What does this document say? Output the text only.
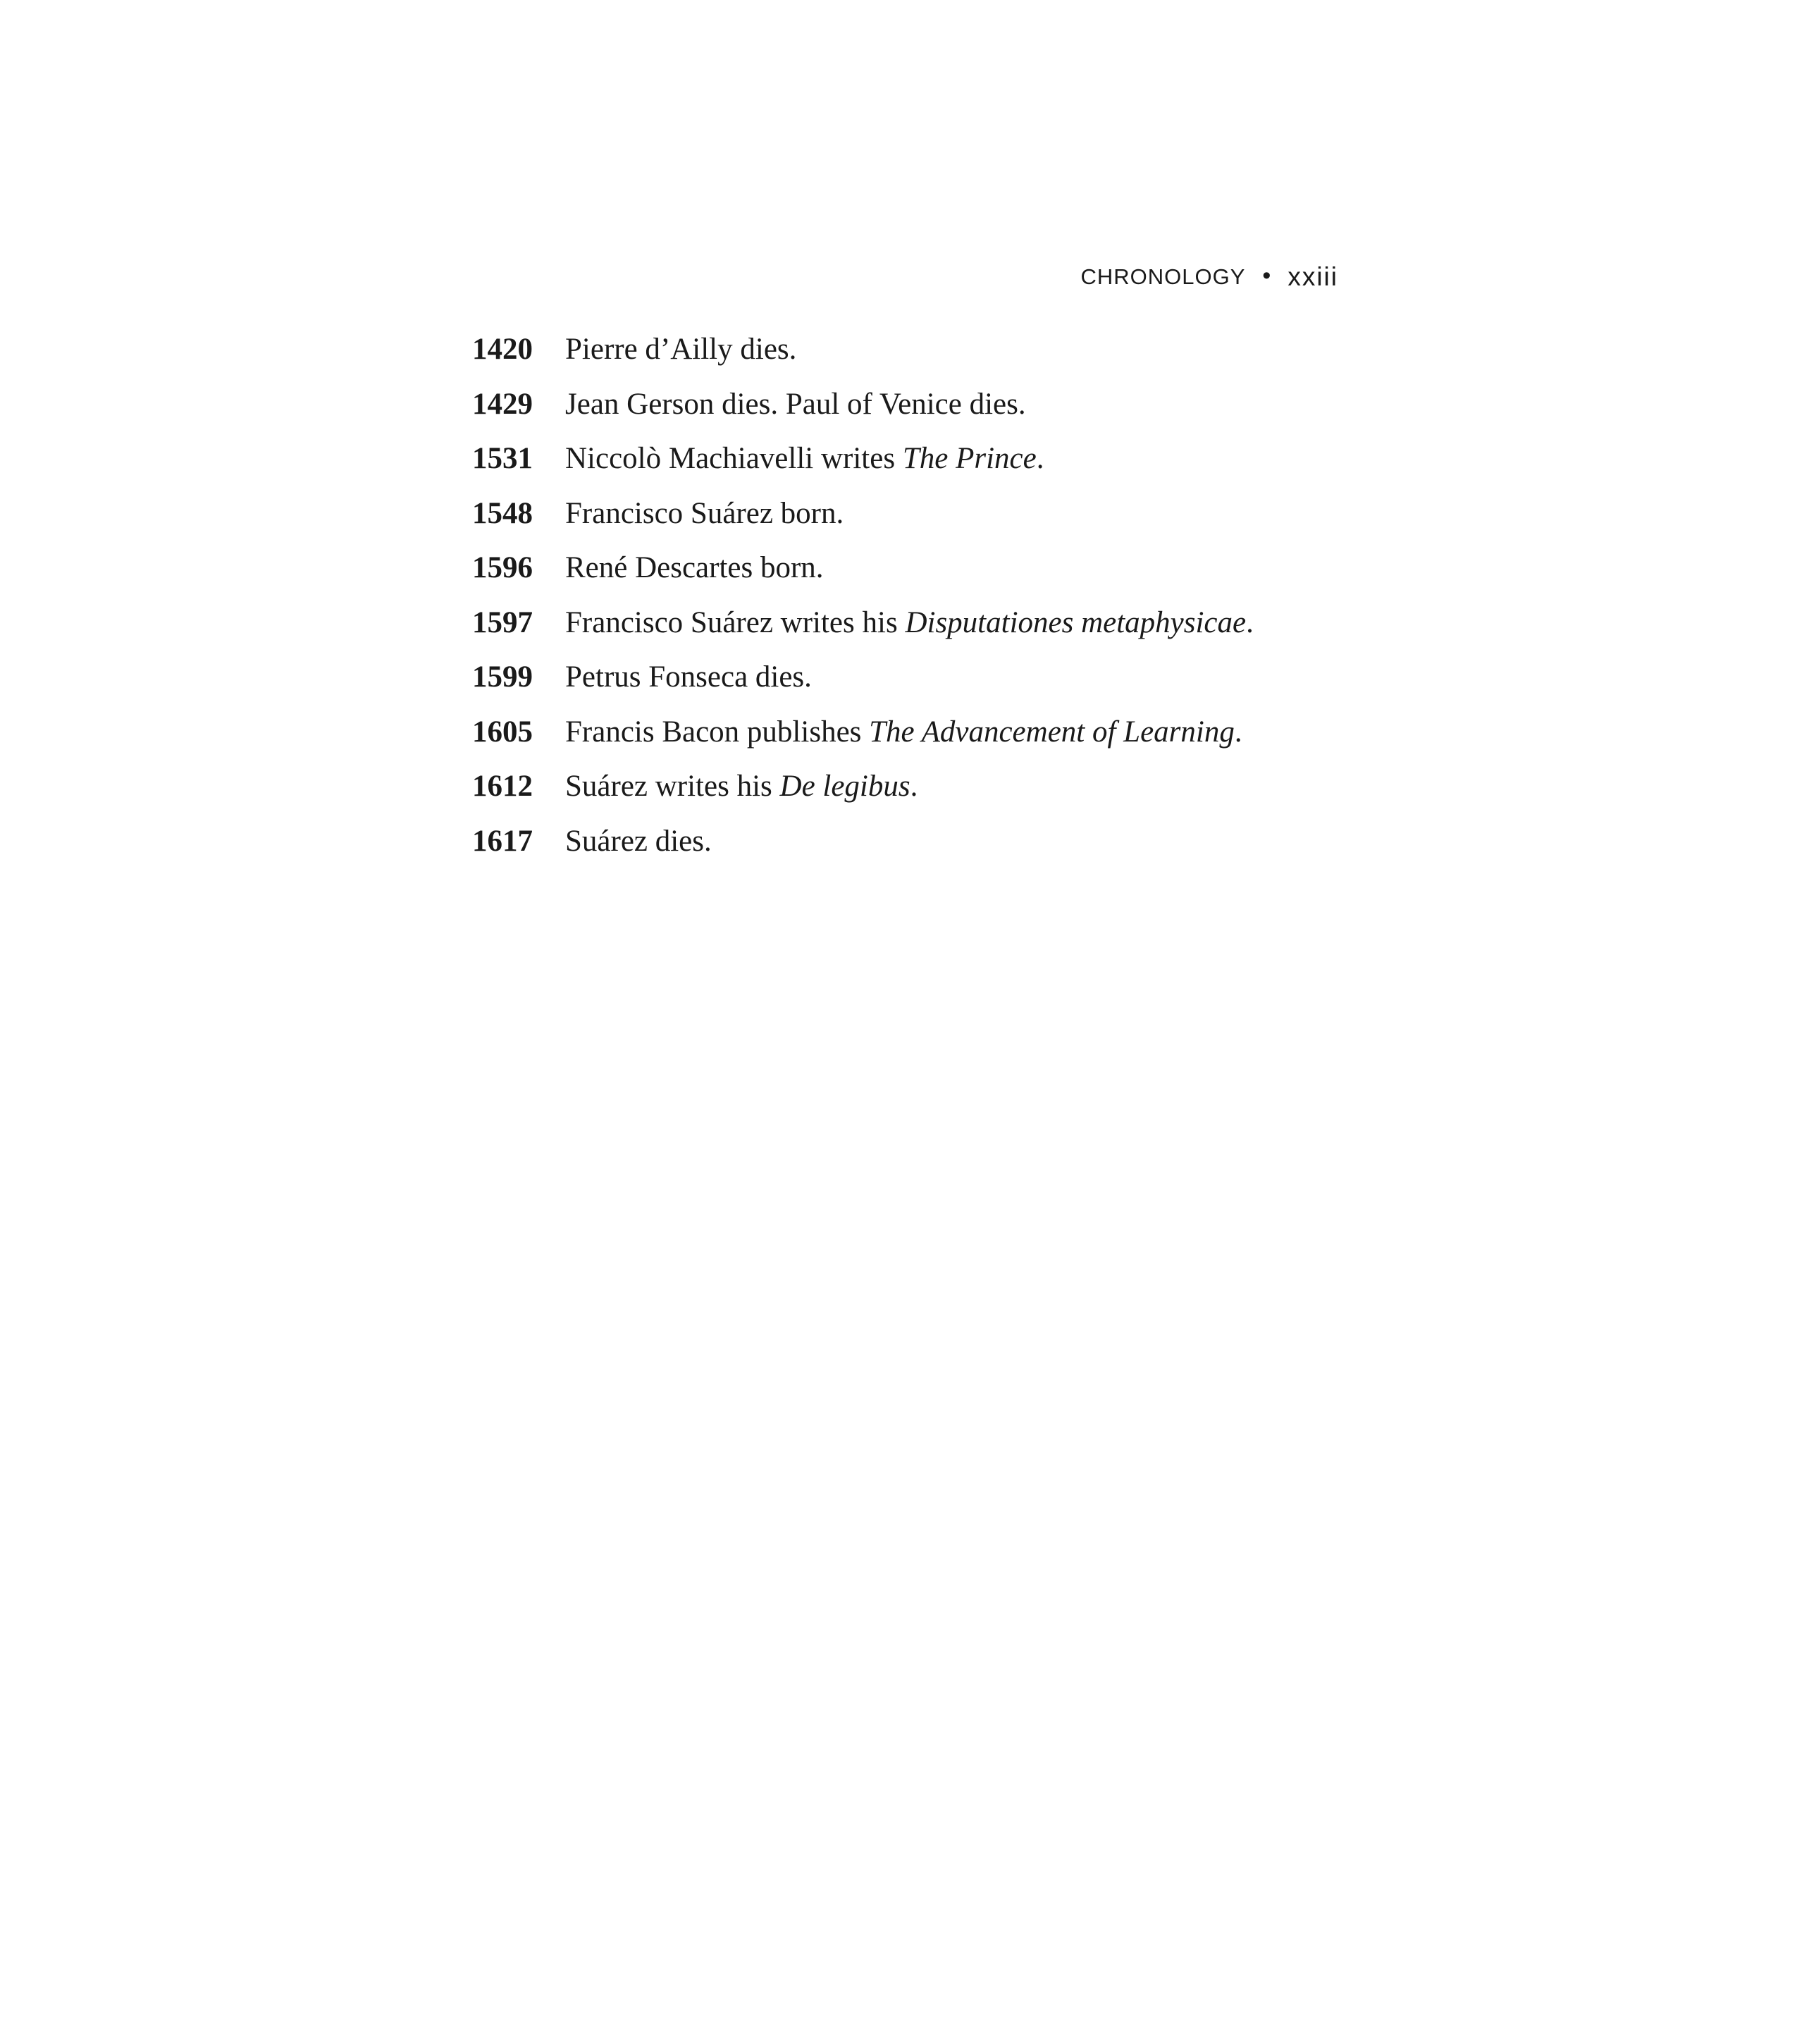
CHRONOLOGY • xxiii
1420	Pierre d’Ailly dies.
1429	Jean Gerson dies. Paul of Venice dies.
1531	Niccolò Machiavelli writes The Prince.
1548	Francisco Suárez born.
1596	René Descartes born.
1597	Francisco Suárez writes his Disputationes metaphysicae.
1599	Petrus Fonseca dies.
1605	Francis Bacon publishes The Advancement of Learning.
1612	Suárez writes his De legibus.
1617	Suárez dies.
